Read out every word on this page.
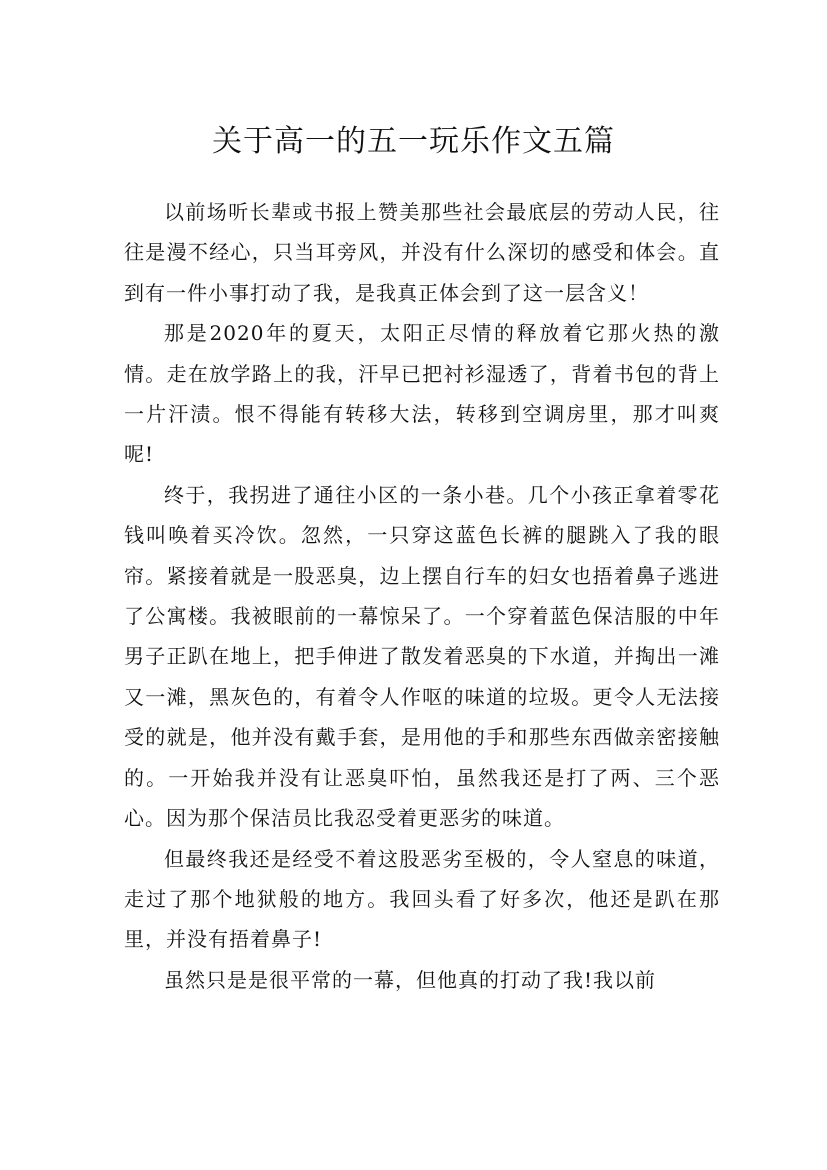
关于高一的五一玩乐作文五篇

以前场听长辈或书报上赞美那些社会最底层的劳动人民，往往是漫不经心，只当耳旁风，并没有什么深切的感受和体会。直到有一件小事打动了我，是我真正体会到了这一层含义！

那是2020年的夏天，太阳正尽情的释放着它那火热的激情。走在放学路上的我，汗早已把衬衫湿透了，背着书包的背上一片汗渍。恨不得能有转移大法，转移到空调房里，那才叫爽呢!

终于，我拐进了通往小区的一条小巷。几个小孩正拿着零花钱叫唤着买冷饮。忽然，一只穿这蓝色长裤的腿跳入了我的眼帘。紧接着就是一股恶臭，边上摆自行车的妇女也捂着鼻子逃进了公寓楼。我被眼前的一幕惊呆了。一个穿着蓝色保洁服的中年男子正趴在地上，把手伸进了散发着恶臭的下水道，并掏出一滩又一滩，黑灰色的，有着令人作呕的味道的垃圾。更令人无法接受的就是，他并没有戴手套，是用他的手和那些东西做亲密接触的。一开始我并没有让恶臭吓怕，虽然我还是打了两、三个恶心。因为那个保洁员比我忍受着更恶劣的味道。

但最终我还是经受不着这股恶劣至极的，令人窒息的味道，走过了那个地狱般的地方。我回头看了好多次，他还是趴在那里，并没有捂着鼻子!

虽然只是是很平常的一幕，但他真的打动了我!我以前
